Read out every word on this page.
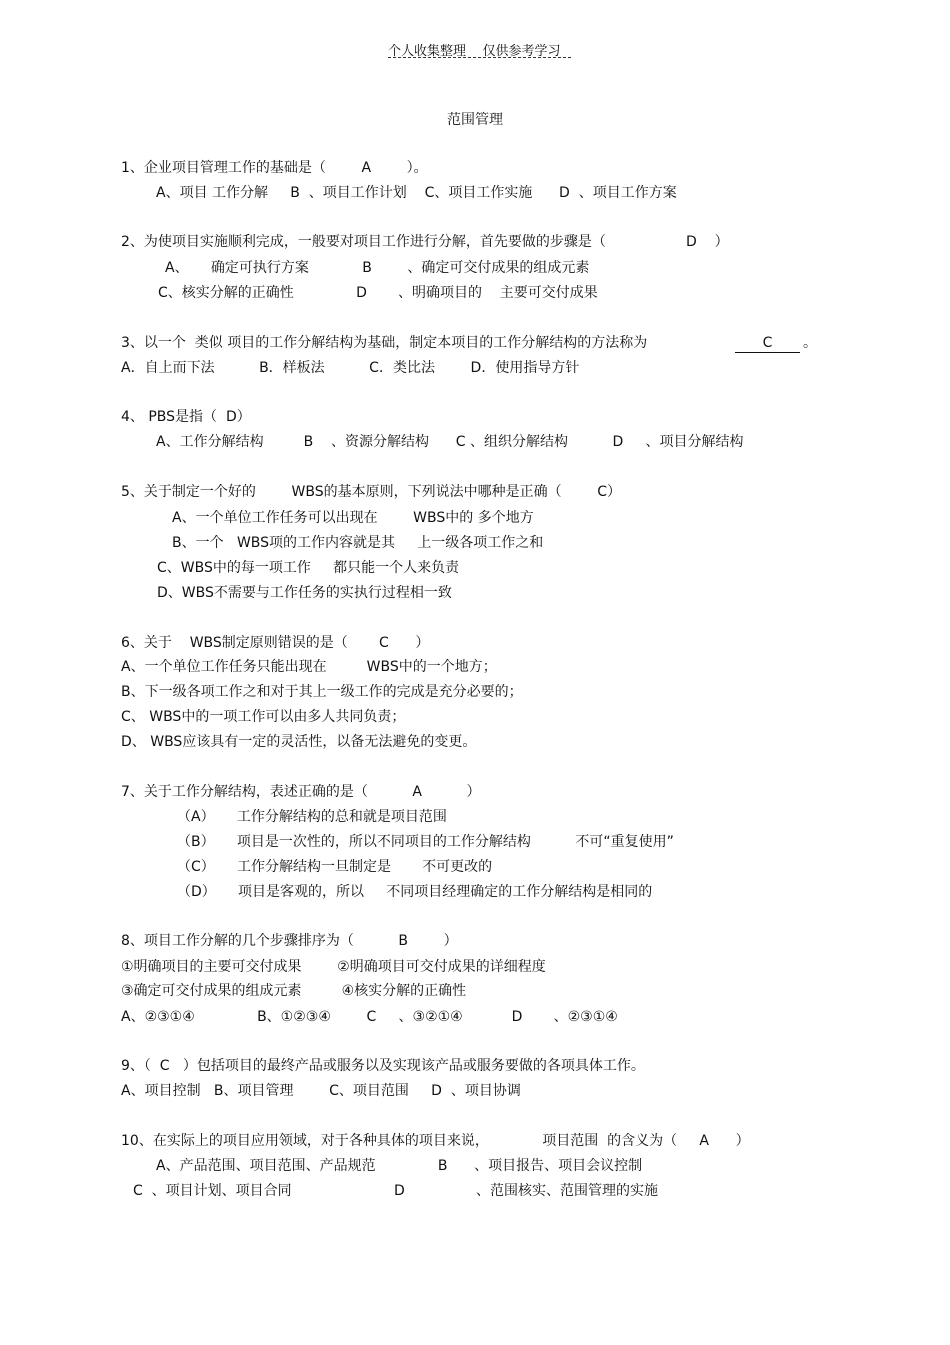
个人收集整理    仅供参考学习
范围管理
1、企业项目管理工作的基础是（        A        ）。
A、项目 工作分解     B  、项目工作计划    C、项目工作实施      D  、项目工作方案
2、为使项目实施顺利完成，一般要对项目工作进行分解，首先要做的步骤是（                  D    ）
A、     确定可执行方案            B        、确定可交付成果的组成元素
C、核实分解的正确性              D       、明确项目的    主要可交付成果
3、以一个  类似 项目的工作分解结构为基础，制定本项目的工作分解结构的方法称为	C	。
A．自上而下法          B．样板法          C．类比法        D．使用指导方针
4、 PBS是指（  D）
A、工作分解结构         B    、资源分解结构      C 、组织分解结构          D     、项目分解结构
5、关于制定一个好的        WBS的基本原则，下列说法中哪种是正确（        C）
A、一个单位工作任务可以出现在        WBS中的 多个地方
B、一个   WBS项的工作内容就是其     上一级各项工作之和
C、WBS中的每一项工作     都只能一个人来负责
D、WBS不需要与工作任务的实执行过程相一致
6、关于    WBS制定原则错误的是（       C      ）
A、一个单位工作任务只能出现在         WBS中的一个地方；
B、下一级各项工作之和对于其上一级工作的完成是充分必要的；
C、 WBS中的一项工作可以由多人共同负责；
D、 WBS应该具有一定的灵活性，以备无法避免的变更。
7、关于工作分解结构，表述正确的是（          A          ）
（A）     工作分解结构的总和就是项目范围
（B）     项目是一次性的，所以不同项目的工作分解结构          不可“重复使用”
（C）     工作分解结构一旦制定是       不可更改的
（D）     项目是客观的，所以     不同项目经理确定的工作分解结构是相同的
8、项目工作分解的几个步骤排序为（          B        ）
①明确项目的主要可交付成果        ②明确项目可交付成果的详细程度
③确定可交付成果的组成元素         ④核实分解的正确性
A、②③①④              B、①②③④        C     、③②①④           D       、②③①④
9、（  C   ）包括项目的最终产品或服务以及实现该产品或服务要做的各项具体工作。
A、项目控制   B、项目管理        C、项目范围     D  、项目协调
10、在实际上的项目应用领域，对于各种具体的项目来说，            项目范围  的含义为（     A      ）
A、产品范围、项目范围、产品规范              B      、项目报告、项目会议控制
C  、项目计划、项目合同                       D                、范围核实、范围管理的实施
